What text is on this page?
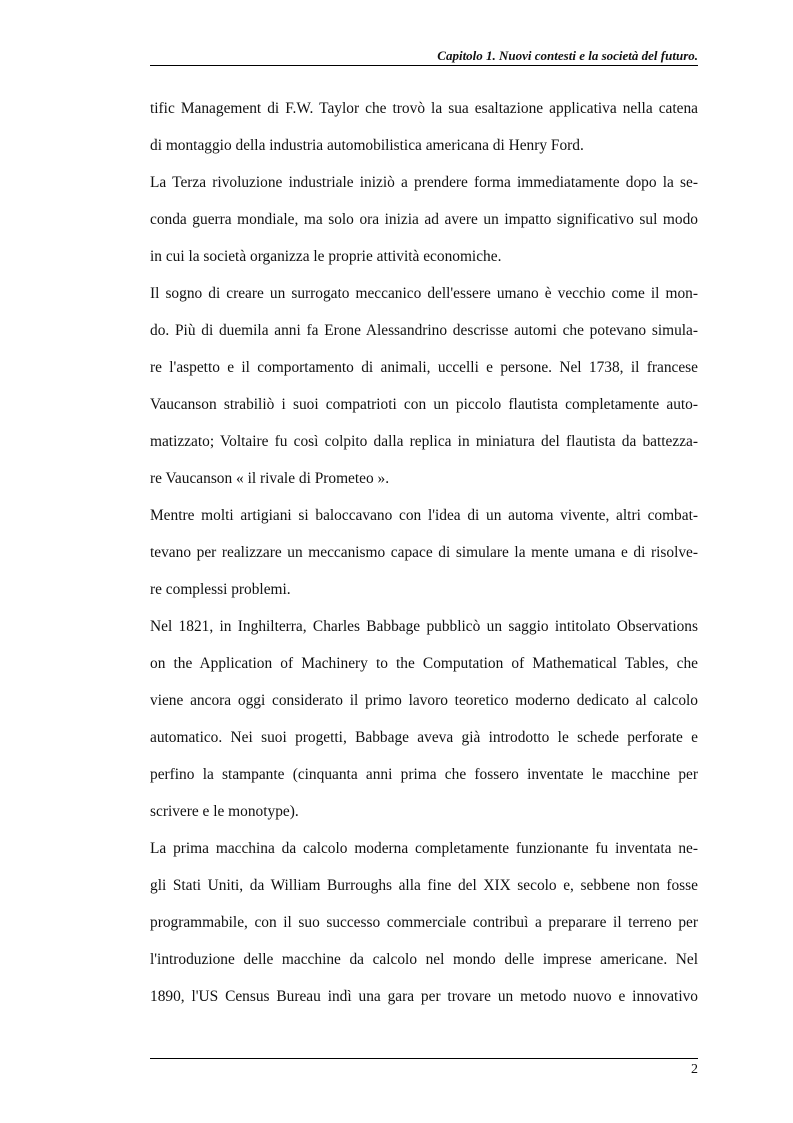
Capitolo 1. Nuovi contesti e la società del futuro.
tific Management di F.W. Taylor che trovò la sua esaltazione applicativa nella catena
di montaggio della industria automobilistica americana di Henry Ford.
La Terza rivoluzione industriale iniziò a prendere forma immediatamente dopo la se-
conda guerra mondiale, ma solo ora inizia ad avere un impatto significativo sul modo
in cui la società organizza le proprie attività economiche.
Il sogno di creare un surrogato meccanico dell'essere umano è vecchio come il mon-
do. Più di duemila anni fa Erone Alessandrino descrisse automi che potevano simula-
re l'aspetto e il comportamento di animali, uccelli e persone. Nel 1738, il francese
Vaucanson strabiliò i suoi compatrioti con un piccolo flautista completamente auto-
matizzato; Voltaire fu così colpito dalla replica in miniatura del flautista da battezza-
re Vaucanson « il rivale di Prometeo ».
Mentre molti artigiani si baloccavano con l'idea di un automa vivente, altri combat-
tevano per realizzare un meccanismo capace di simulare la mente umana e di risolve-
re complessi problemi.
Nel 1821, in Inghilterra, Charles Babbage pubblicò un saggio intitolato Observations
on the Application of Machinery to the Computation of Mathematical Tables, che
viene ancora oggi considerato il primo lavoro teoretico moderno dedicato al calcolo
automatico. Nei suoi progetti, Babbage aveva già introdotto le schede perforate e
perfino la stampante (cinquanta anni prima che fossero inventate le macchine per
scrivere e le monotype).
La prima macchina da calcolo moderna completamente funzionante fu inventata ne-
gli Stati Uniti, da William Burroughs alla fine del XIX secolo e, sebbene non fosse
programmabile, con il suo successo commerciale contribuì a preparare il terreno per
l'introduzione delle macchine da calcolo nel mondo delle imprese americane. Nel
1890, l'US Census Bureau indì una gara per trovare un metodo nuovo e innovativo
2
